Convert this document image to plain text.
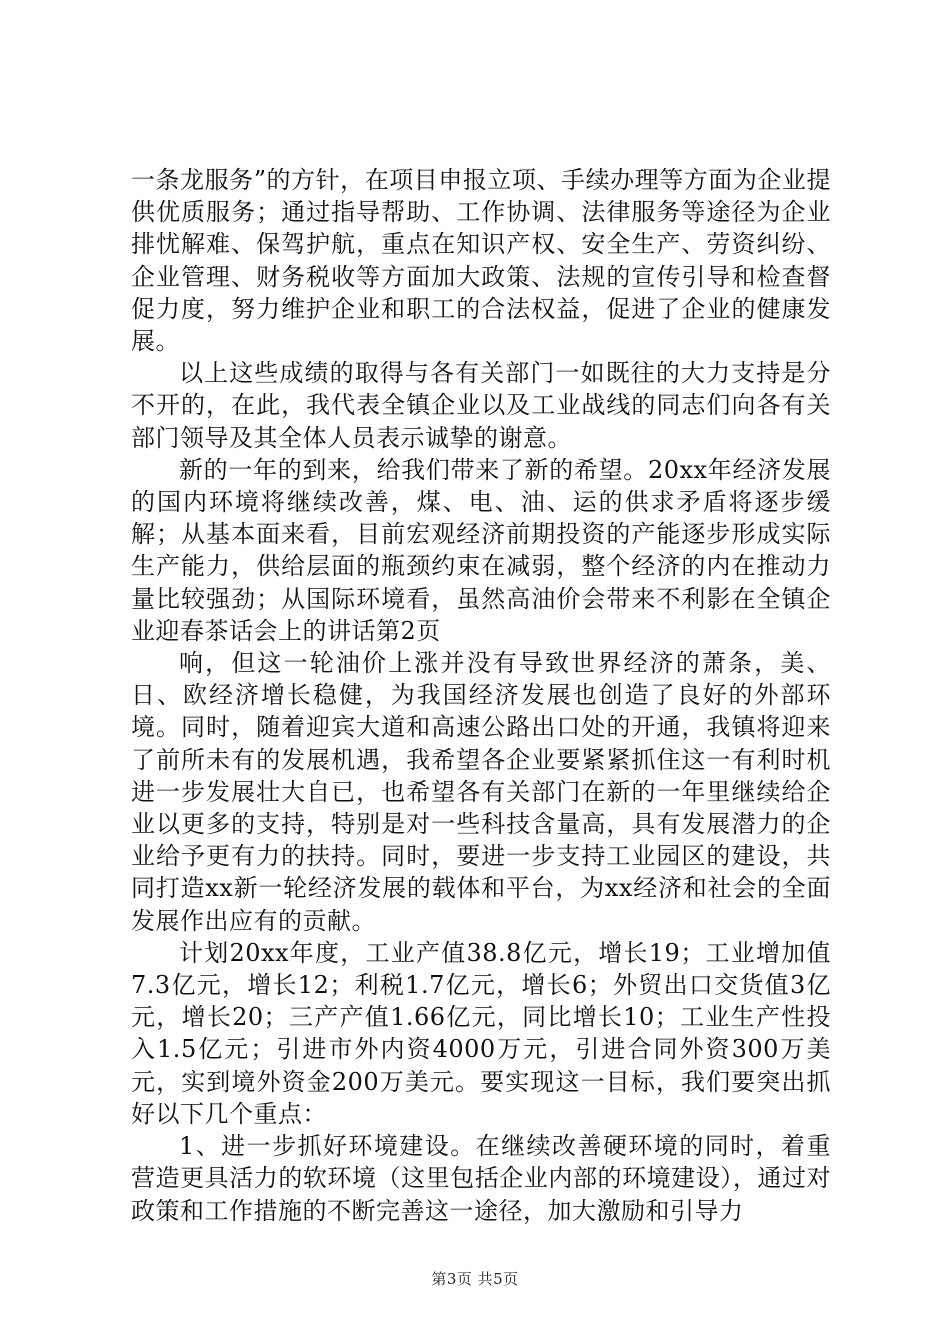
一条龙服务”的方针，在项目申报立项、手续办理等方面为企业提供优质服务；通过指导帮助、工作协调、法律服务等途径为企业排忧解难、保驾护航，重点在知识产权、安全生产、劳资纠纷、企业管理、财务税收等方面加大政策、法规的宣传引导和检查督促力度，努力维护企业和职工的合法权益，促进了企业的健康发展。

以上这些成绩的取得与各有关部门一如既往的大力支持是分不开的，在此，我代表全镇企业以及工业战线的同志们向各有关部门领导及其全体人员表示诚挚的谢意。

新的一年的到来，给我们带来了新的希望。20xx年经济发展的国内环境将继续改善，煤、电、油、运的供求矛盾将逐步缓解；从基本面来看，目前宏观经济前期投资的产能逐步形成实际生产能力，供给层面的瓶颈约束在减弱，整个经济的内在推动力量比较强劲；从国际环境看，虽然高油价会带来不利影在全镇企业迎春茶话会上的讲话第2页

响，但这一轮油价上涨并没有导致世界经济的萧条，美、日、欧经济增长稳健，为我国经济发展也创造了良好的外部环境。同时，随着迎宾大道和高速公路出口处的开通，我镇将迎来了前所未有的发展机遇，我希望各企业要紧紧抓住这一有利时机进一步发展壮大自已，也希望各有关部门在新的一年里继续给企业以更多的支持，特别是对一些科技含量高，具有发展潜力的企业给予更有力的扶持。同时，要进一步支持工业园区的建设，共同打造xx新一轮经济发展的载体和平台，为xx经济和社会的全面发展作出应有的贡献。

计划20xx年度，工业产值38.8亿元，增长19；工业增加值7.3亿元，增长12；利税1.7亿元，增长6；外贸出口交货值3亿元，增长20；三产产值1.66亿元，同比增长10；工业生产性投入1.5亿元；引进市外内资4000万元，引进合同外资300万美元，实到境外资金200万美元。要实现这一目标，我们要突出抓好以下几个重点：

1、进一步抓好环境建设。在继续改善硬环境的同时，着重营造更具活力的软环境（这里包括企业内部的环境建设），通过对政策和工作措施的不断完善这一途径，加大激励和引导力

第3页 共5页
